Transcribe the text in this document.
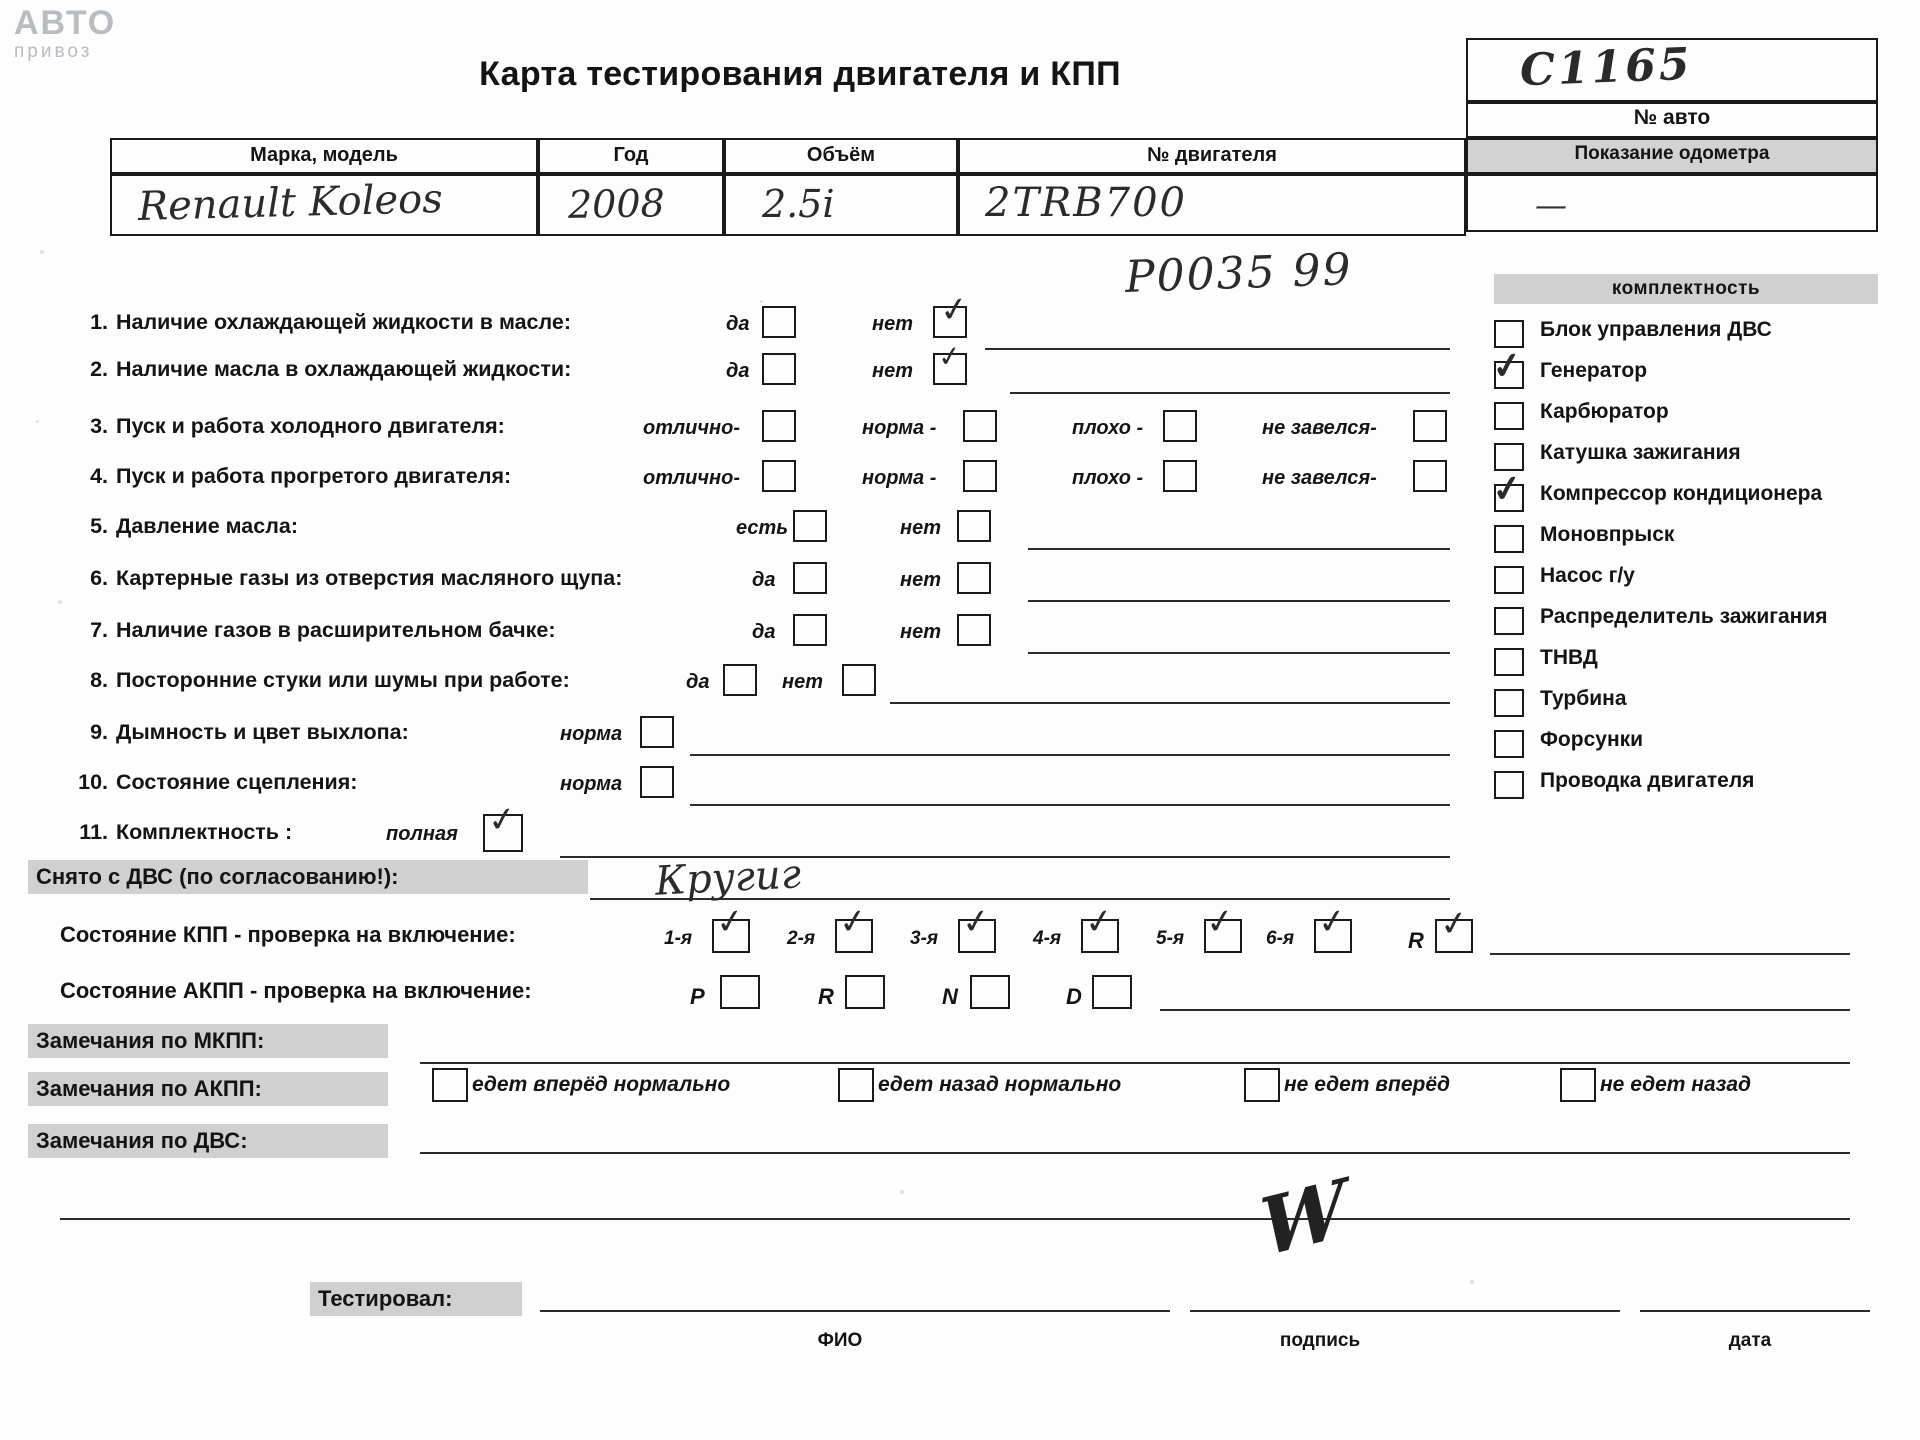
АВТО
привоз
Карта тестирования двигателя и КПП	C1165
№ авто
Показание одометра
—
Марка, модель	Год	Объём	№ двигателя
Renault Koleos	2008	2.5i	2TRB700
P0035 99
1. Наличие охлаждающей жидкости в масле:	да	нет ✓
2. Наличие масла в охлаждающей жидкости:	да	нет ✓
3. Пуск и работа холодного двигателя:	отлично-	норма -	плохо -	не завелся-
4. Пуск и работа прогретого двигателя:	отлично-	норма -	плохо -	не завелся-
5. Давление масла:	есть	нет
6. Картерные газы из отверстия масляного щупа:	да	нет
7. Наличие газов в расширительном бачке:	да	нет
8. Посторонние стуки или шумы при работе:	да	нет
9. Дымность и цвет выхлопа:	норма
10. Состояние сцепления:	норма
11. Комплектность :	полная ✓
комплектность
Блок управления ДВС
✓ Генератор
Карбюратор
Катушка зажигания
✓ Компрессор кондиционера
Моновпрыск
Насос г/у
Распределитель зажигания
ТНВД
Турбина
Форсунки
Проводка двигателя
Снято с ДВС (по согласованию!):	Кругиг
Состояние КПП - проверка на включение:	1-я ✓ 2-я ✓ 3-я ✓ 4-я ✓ 5-я ✓ 6-я ✓	R ✓
Состояние АКПП - проверка на включение:	P	R	N	D
Замечания по МКПП:
Замечания по АКПП:	едет вперёд нормально	едет назад нормально	не едет вперёд	не едет назад
Замечания по ДВС:
Тестировал:
W
ФИО	подпись	дата
